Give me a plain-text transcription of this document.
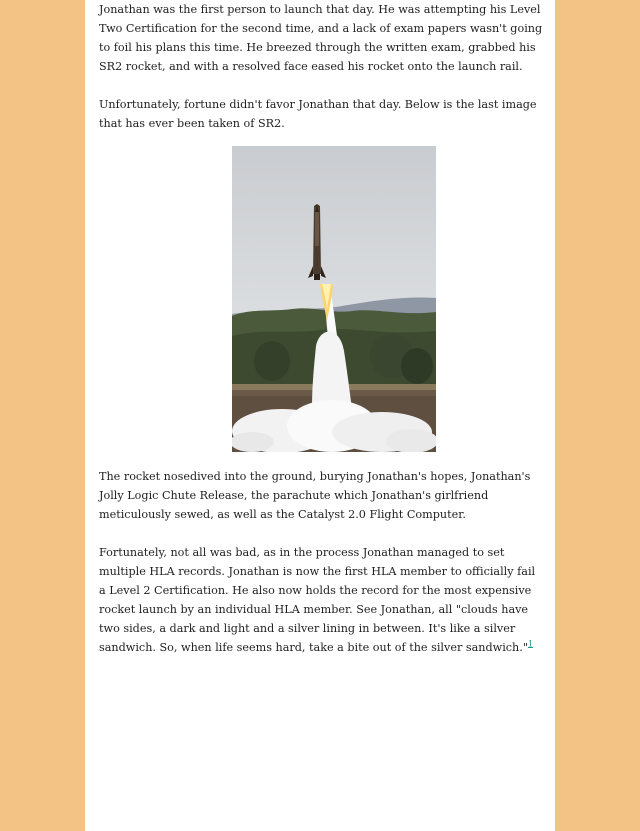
Jonathan was the first person to launch that day. He was attempting his Level Two Certification for the second time, and a lack of exam papers wasn't going to foil his plans this time. He breezed through the written exam, grabbed his SR2 rocket, and with a resolved face eased his rocket onto the launch rail.

Unfortunately, fortune didn't favor Jonathan that day. Below is the last image that has ever been taken of SR2.

The rocket nosedived into the ground, burying Jonathan's hopes, Jonathan's Jolly Logic Chute Release, the parachute which Jonathan's girlfriend meticulously sewed, as well as the Catalyst 2.0 Flight Computer.

Fortunately, not all was bad, as in the process Jonathan managed to set multiple HLA records. Jonathan is now the first HLA member to officially fail a Level 2 Certification. He also now holds the record for the most expensive rocket launch by an individual HLA member. See Jonathan, all "clouds have two sides, a dark and light and a silver lining in between. It's like a silver sandwich. So, when life seems hard, take a bite out of the silver sandwich."$^1$
